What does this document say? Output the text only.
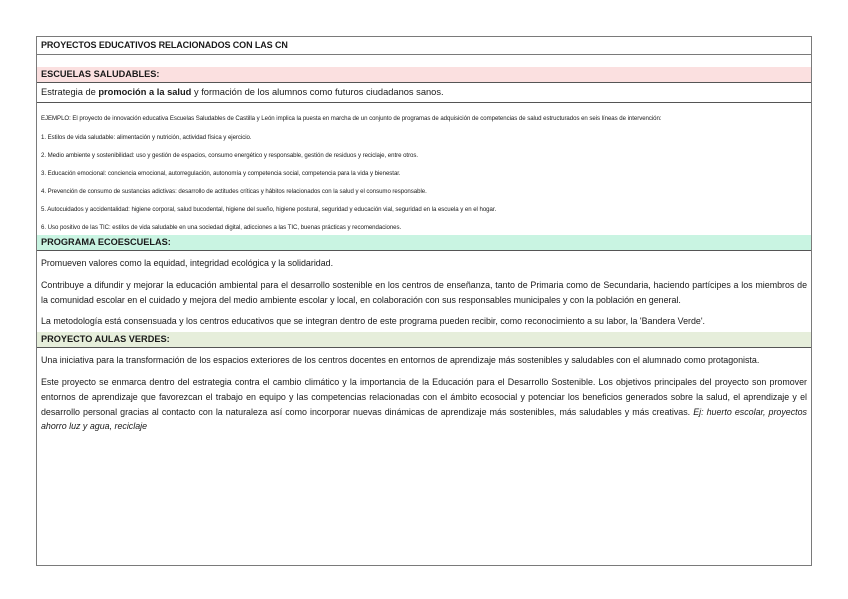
PROYECTOS EDUCATIVOS RELACIONADOS CON LAS CN
ESCUELAS SALUDABLES:

Estrategia de promoción a la salud y formación de los alumnos como futuros ciudadanos sanos.

EJEMPLO: El proyecto de innovación educativa Escuelas Saludables de Castilla y León implica la puesta en marcha de un conjunto de programas de adquisición de competencias de salud estructurados en seis líneas de intervención:

1. Estilos de vida saludable: alimentación y nutrición, actividad física y ejercicio.

2. Medio ambiente y sostenibilidad: uso y gestión de espacios, consumo energético y responsable, gestión de residuos y reciclaje, entre otros.

3. Educación emocional: conciencia emocional, autorregulación, autonomía y competencia social, competencia para la vida y bienestar.

4. Prevención de consumo de sustancias adictivas: desarrollo de actitudes críticas y hábitos relacionados con la salud y el consumo responsable.

5. Autocuidados y accidentalidad: higiene corporal, salud bucodental, higiene del sueño, higiene postural, seguridad y educación vial, seguridad en la escuela y en el hogar.

6. Uso positivo de las TIC: estilos de vida saludable en una sociedad digital, adicciones a las TIC, buenas prácticas y recomendaciones.

PROGRAMA ECOESCUELAS:

Promueven valores como la equidad, integridad ecológica y la solidaridad.

Contribuye a difundir y mejorar la educación ambiental para el desarrollo sostenible en los centros de enseñanza, tanto de Primaria como de Secundaria, haciendo partícipes a los miembros de la comunidad escolar en el cuidado y mejora del medio ambiente escolar y local, en colaboración con sus responsables municipales y con la población en general.

La metodología está consensuada y los centros educativos que se integran dentro de este programa pueden recibir, como reconocimiento a su labor, la 'Bandera Verde'.

PROYECTO AULAS VERDES:

Una iniciativa para la transformación de los espacios exteriores de los centros docentes en entornos de aprendizaje más sostenibles y saludables con el alumnado como protagonista.

Este proyecto se enmarca dentro del estrategia contra el cambio climático y la importancia de la Educación para el Desarrollo Sostenible. Los objetivos principales del proyecto son promover entornos de aprendizaje que favorezcan el trabajo en equipo y las competencias relacionadas con el ámbito ecosocial y potenciar los beneficios generados sobre la salud, el aprendizaje y el desarrollo personal gracias al contacto con la naturaleza así como incorporar nuevas dinámicas de aprendizaje más sostenibles, más saludables y más creativas. Ej: huerto escolar, proyectos ahorro luz y agua, reciclaje
